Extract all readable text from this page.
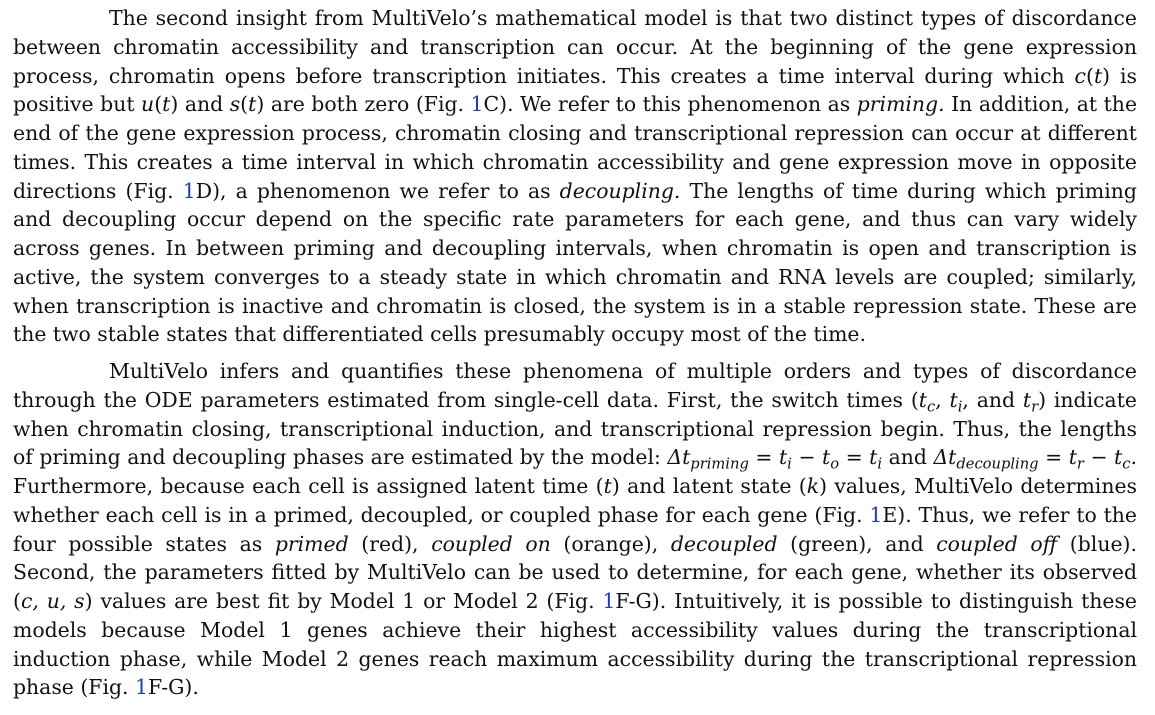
The second insight from MultiVelo’s mathematical model is that two distinct types of discordance between chromatin accessibility and transcription can occur. At the beginning of the gene expression process, chromatin opens before transcription initiates. This creates a time interval during which c(t) is positive but u(t) and s(t) are both zero (Fig. 1C). We refer to this phenomenon as priming. In addition, at the end of the gene expression process, chromatin closing and transcriptional repression can occur at different times. This creates a time interval in which chromatin accessibility and gene expression move in opposite directions (Fig. 1D), a phenomenon we refer to as decoupling. The lengths of time during which priming and decoupling occur depend on the specific rate parameters for each gene, and thus can vary widely across genes. In between priming and decoupling intervals, when chromatin is open and transcription is active, the system converges to a steady state in which chromatin and RNA levels are coupled; similarly, when transcription is inactive and chromatin is closed, the system is in a stable repression state. These are the two stable states that differentiated cells presumably occupy most of the time.

MultiVelo infers and quantifies these phenomena of multiple orders and types of discordance through the ODE parameters estimated from single-cell data. First, the switch times ($t_c$, $t_i$, and $t_r$) indicate when chromatin closing, transcriptional induction, and transcriptional repression begin. Thus, the lengths of priming and decoupling phases are estimated by the model: $\Delta t_{priming} = t_i - t_o = t_i$ and $\Delta t_{decoupling} = t_r - t_c$. Furthermore, because each cell is assigned latent time (t) and latent state (k) values, MultiVelo determines whether each cell is in a primed, decoupled, or coupled phase for each gene (Fig. 1E). Thus, we refer to the four possible states as primed (red), coupled on (orange), decoupled (green), and coupled off (blue). Second, the parameters fitted by MultiVelo can be used to determine, for each gene, whether its observed (c, u, s) values are best fit by Model 1 or Model 2 (Fig. 1F-G). Intuitively, it is possible to distinguish these models because Model 1 genes achieve their highest accessibility values during the transcriptional induction phase, while Model 2 genes reach maximum accessibility during the transcriptional repression phase (Fig. 1F-G).
